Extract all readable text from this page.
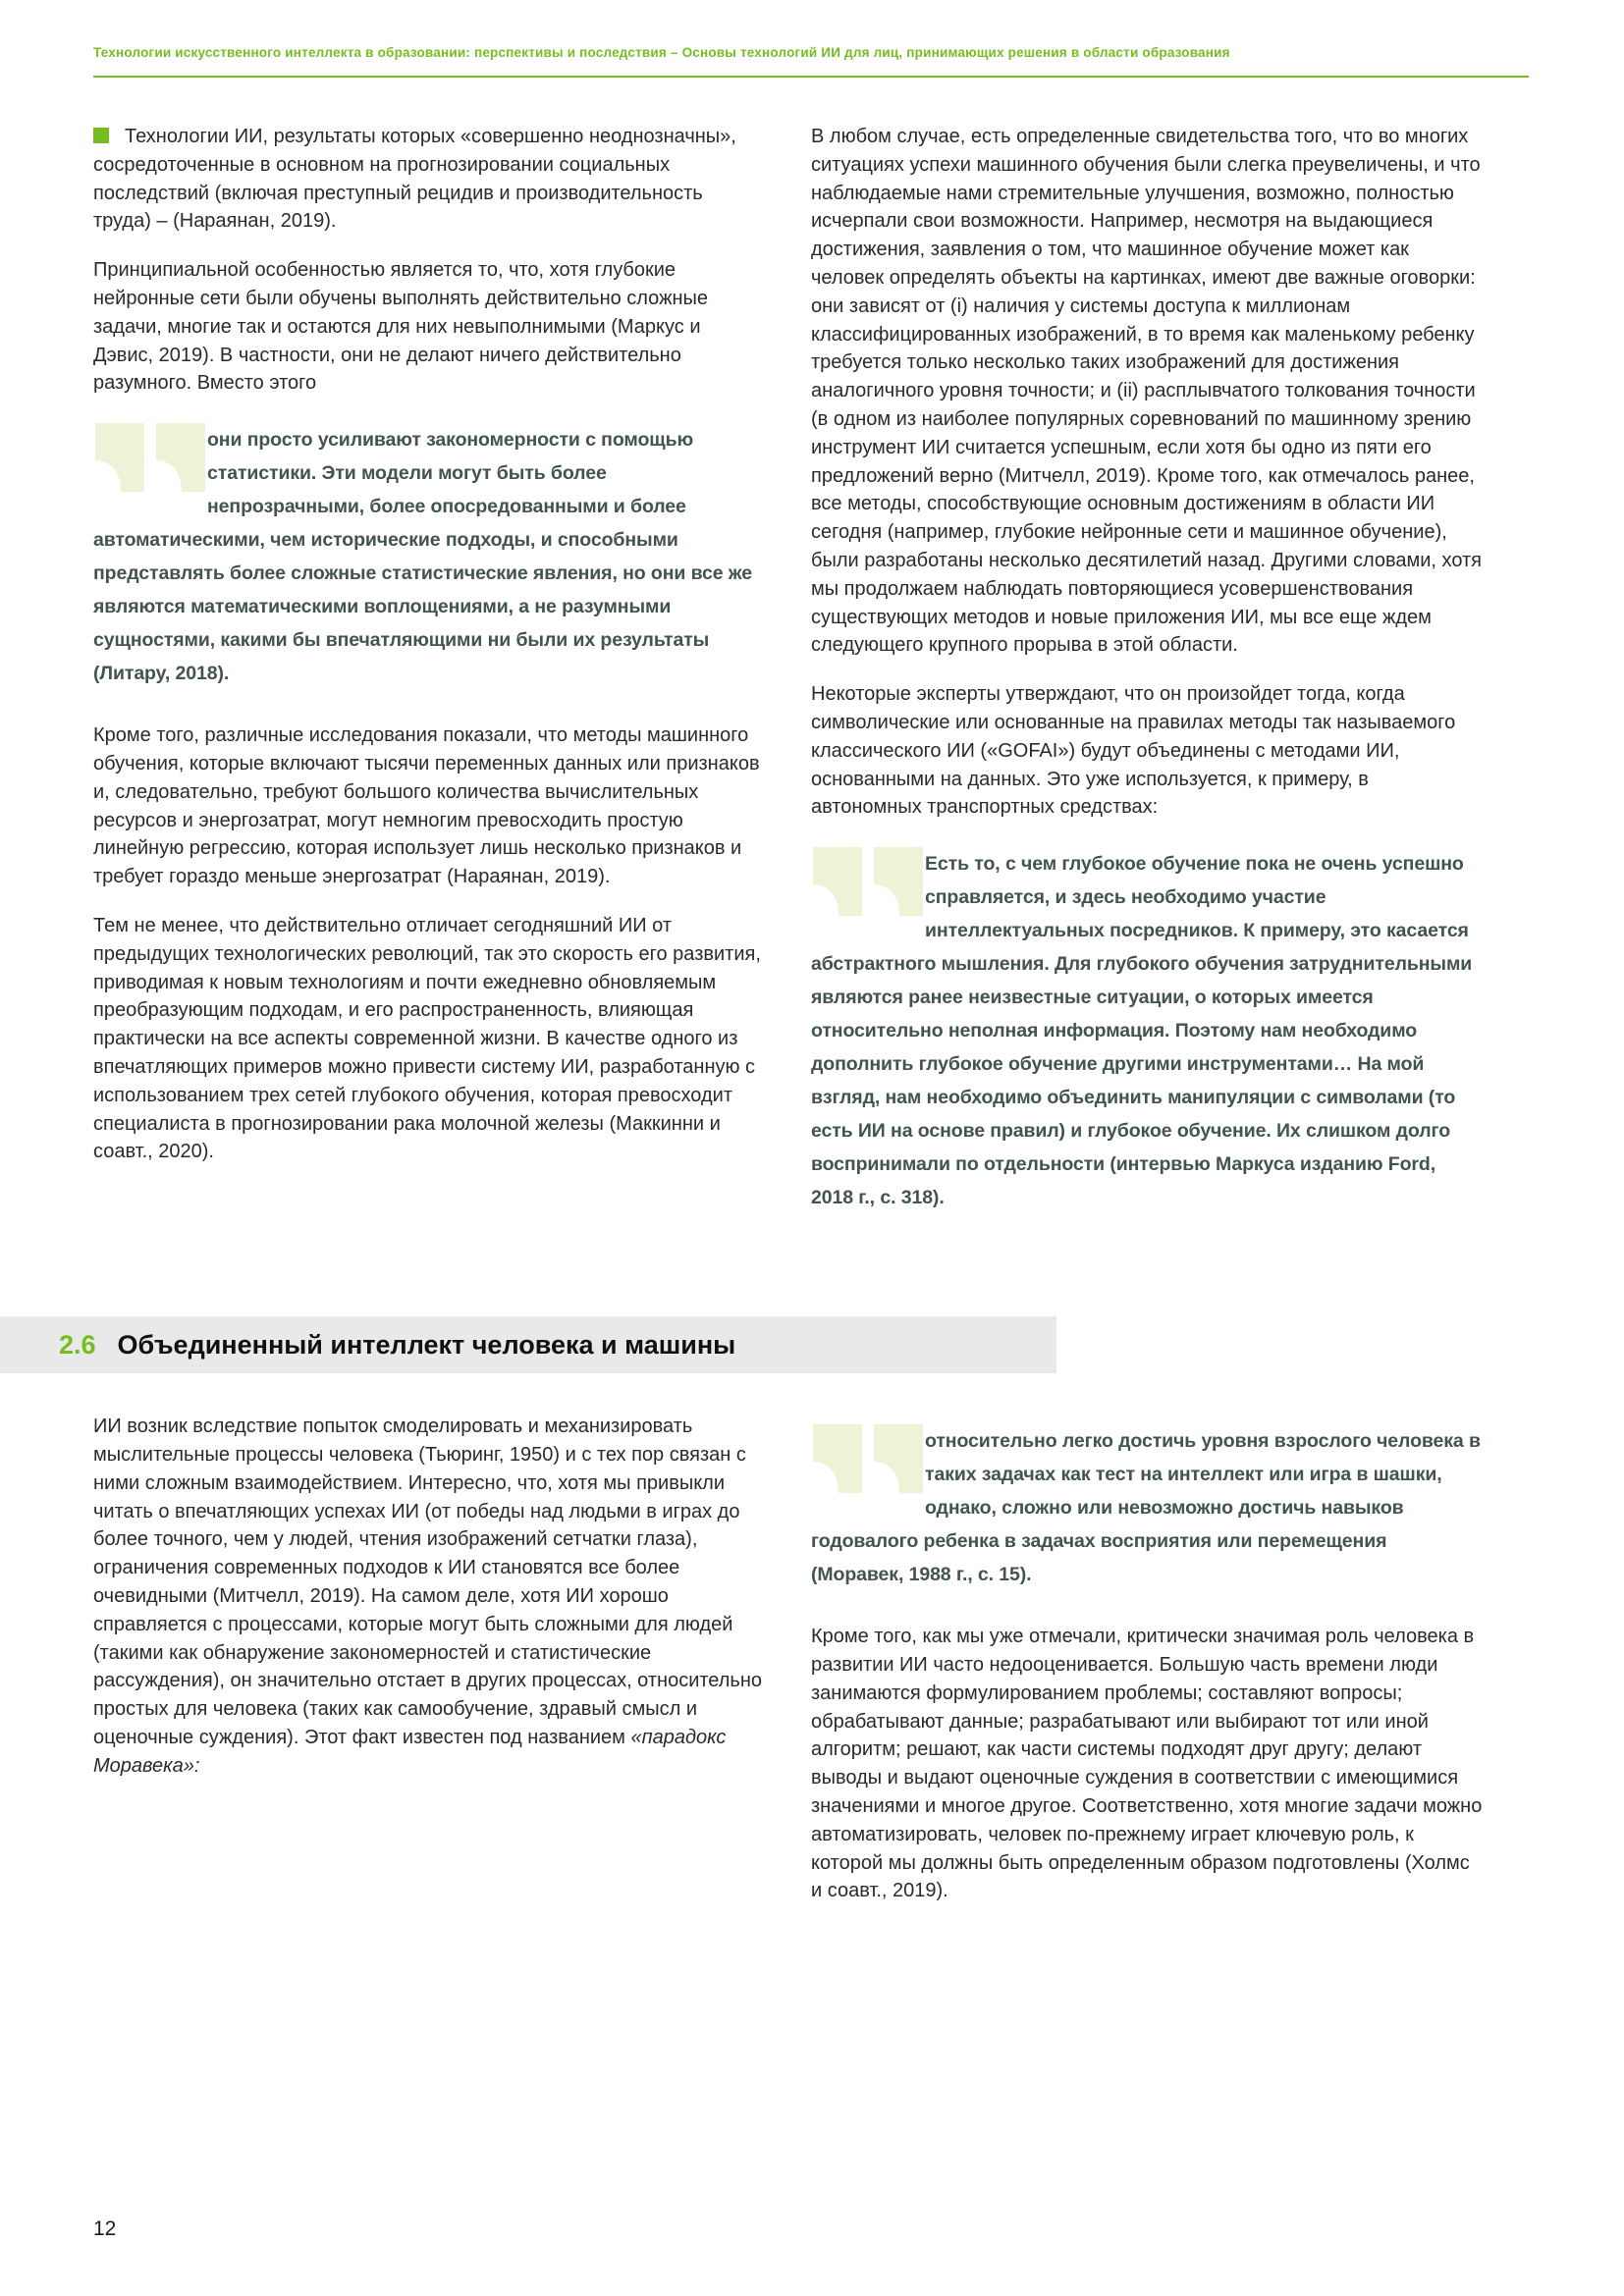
Технологии искусственного интеллекта в образовании: перспективы и последствия – Основы технологий ИИ для лиц, принимающих решения в области образования

Технологии ИИ, результаты которых «совершенно неоднозначны», сосредоточенные в основном на прогнозировании социальных последствий (включая преступный рецидив и производительность труда) – (Нараянан, 2019).

Принципиальной особенностью является то, что, хотя глубокие нейронные сети были обучены выполнять действительно сложные задачи, многие так и остаются для них невыполнимыми (Маркус и Дэвис, 2019). В частности, они не делают ничего действительно разумного. Вместо этого

они просто усиливают закономерности с помощью статистики. Эти модели могут быть более непрозрачными, более опосредованными и более автоматическими, чем исторические подходы, и способными представлять более сложные статистические явления, но они все же являются математическими воплощениями, а не разумными сущностями, какими бы впечатляющими ни были их результаты (Литару, 2018).

Кроме того, различные исследования показали, что методы машинного обучения, которые включают тысячи переменных данных или признаков и, следовательно, требуют большого количества вычислительных ресурсов и энергозатрат, могут немногим превосходить простую линейную регрессию, которая использует лишь несколько признаков и требует гораздо меньше энергозатрат (Нараянан, 2019).

Тем не менее, что действительно отличает сегодняшний ИИ от предыдущих технологических революций, так это скорость его развития, приводимая к новым технологиям и почти ежедневно обновляемым преобразующим подходам, и его распространенность, влияющая практически на все аспекты современной жизни. В качестве одного из впечатляющих примеров можно привести систему ИИ, разработанную с использованием трех сетей глубокого обучения, которая превосходит специалиста в прогнозировании рака молочной железы (Маккинни и соавт., 2020).

В любом случае, есть определенные свидетельства того, что во многих ситуациях успехи машинного обучения были слегка преувеличены, и что наблюдаемые нами стремительные улучшения, возможно, полностью исчерпали свои возможности. Например, несмотря на выдающиеся достижения, заявления о том, что машинное обучение может как человек определять объекты на картинках, имеют две важные оговорки: они зависят от (i) наличия у системы доступа к миллионам классифицированных изображений, в то время как маленькому ребенку требуется только несколько таких изображений для достижения аналогичного уровня точности; и (ii) расплывчатого толкования точности (в одном из наиболее популярных соревнований по машинному зрению инструмент ИИ считается успешным, если хотя бы одно из пяти его предложений верно (Митчелл, 2019). Кроме того, как отмечалось ранее, все методы, способствующие основным достижениям в области ИИ сегодня (например, глубокие нейронные сети и машинное обучение), были разработаны несколько десятилетий назад. Другими словами, хотя мы продолжаем наблюдать повторяющиеся усовершенствования существующих методов и новые приложения ИИ, мы все еще ждем следующего крупного прорыва в этой области.

Некоторые эксперты утверждают, что он произойдет тогда, когда символические или основанные на правилах методы так называемого классического ИИ («GOFAI») будут объединены с методами ИИ, основанными на данных. Это уже используется, к примеру, в автономных транспортных средствах:

Есть то, с чем глубокое обучение пока не очень успешно справляется, и здесь необходимо участие интеллектуальных посредников. К примеру, это касается абстрактного мышления. Для глубокого обучения затруднительными являются ранее неизвестные ситуации, о которых имеется относительно неполная информация. Поэтому нам необходимо дополнить глубокое обучение другими инструментами… На мой взгляд, нам необходимо объединить манипуляции с символами (то есть ИИ на основе правил) и глубокое обучение. Их слишком долго воспринимали по отдельности (интервью Маркуса изданию Ford, 2018 г., с. 318).
2.6 Объединенный интеллект человека и машины

ИИ возник вследствие попыток смоделировать и механизировать мыслительные процессы человека (Тьюринг, 1950) и с тех пор связан с ними сложным взаимодействием. Интересно, что, хотя мы привыкли читать о впечатляющих успехах ИИ (от победы над людьми в играх до более точного, чем у людей, чтения изображений сетчатки глаза), ограничения современных подходов к ИИ становятся все более очевидными (Митчелл, 2019). На самом деле, хотя ИИ хорошо справляется с процессами, которые могут быть сложными для людей (такими как обнаружение закономерностей и статистические рассуждения), он значительно отстает в других процессах, относительно простых для человека (таких как самообучение, здравый смысл и оценочные суждения). Этот факт известен под названием «парадокс Моравека»:

относительно легко достичь уровня взрослого человека в таких задачах как тест на интеллект или игра в шашки, однако, сложно или невозможно достичь навыков годовалого ребенка в задачах восприятия или перемещения (Моравек, 1988 г., с. 15).

Кроме того, как мы уже отмечали, критически значимая роль человека в развитии ИИ часто недооценивается. Большую часть времени люди занимаются формулированием проблемы; составляют вопросы; обрабатывают данные; разрабатывают или выбирают тот или иной алгоритм; решают, как части системы подходят друг другу; делают выводы и выдают оценочные суждения в соответствии с имеющимися значениями и многое другое. Соответственно, хотя многие задачи можно автоматизировать, человек по-прежнему играет ключевую роль, к которой мы должны быть определенным образом подготовлены (Холмс и соавт., 2019).

12
